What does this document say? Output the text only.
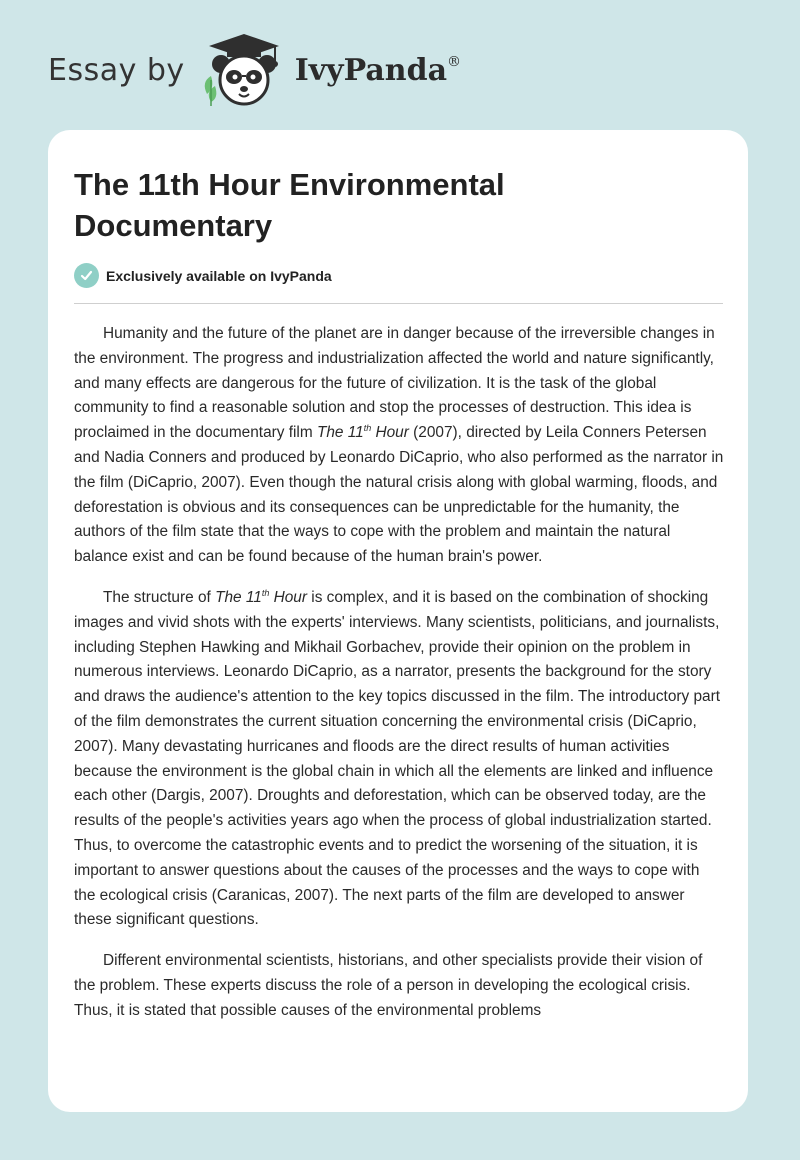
Essay by	IvyPanda®
The 11th Hour Environmental Documentary
Exclusively available on IvyPanda

Humanity and the future of the planet are in danger because of the irreversible changes in the environment. The progress and industrialization affected the world and nature significantly, and many effects are dangerous for the future of civilization. It is the task of the global community to find a reasonable solution and stop the processes of destruction. This idea is proclaimed in the documentary film The 11th Hour (2007), directed by Leila Conners Petersen and Nadia Conners and produced by Leonardo DiCaprio, who also performed as the narrator in the film (DiCaprio, 2007). Even though the natural crisis along with global warming, floods, and deforestation is obvious and its consequences can be unpredictable for the humanity, the authors of the film state that the ways to cope with the problem and maintain the natural balance exist and can be found because of the human brain's power.

The structure of The 11th Hour is complex, and it is based on the combination of shocking images and vivid shots with the experts' interviews. Many scientists, politicians, and journalists, including Stephen Hawking and Mikhail Gorbachev, provide their opinion on the problem in numerous interviews. Leonardo DiCaprio, as a narrator, presents the background for the story and draws the audience's attention to the key topics discussed in the film. The introductory part of the film demonstrates the current situation concerning the environmental crisis (DiCaprio, 2007). Many devastating hurricanes and floods are the direct results of human activities because the environment is the global chain in which all the elements are linked and influence each other (Dargis, 2007). Droughts and deforestation, which can be observed today, are the results of the people's activities years ago when the process of global industrialization started. Thus, to overcome the catastrophic events and to predict the worsening of the situation, it is important to answer questions about the causes of the processes and the ways to cope with the ecological crisis (Caranicas, 2007). The next parts of the film are developed to answer these significant questions.

Different environmental scientists, historians, and other specialists provide their vision of the problem. These experts discuss the role of a person in developing the ecological crisis. Thus, it is stated that possible causes of the environmental problems
